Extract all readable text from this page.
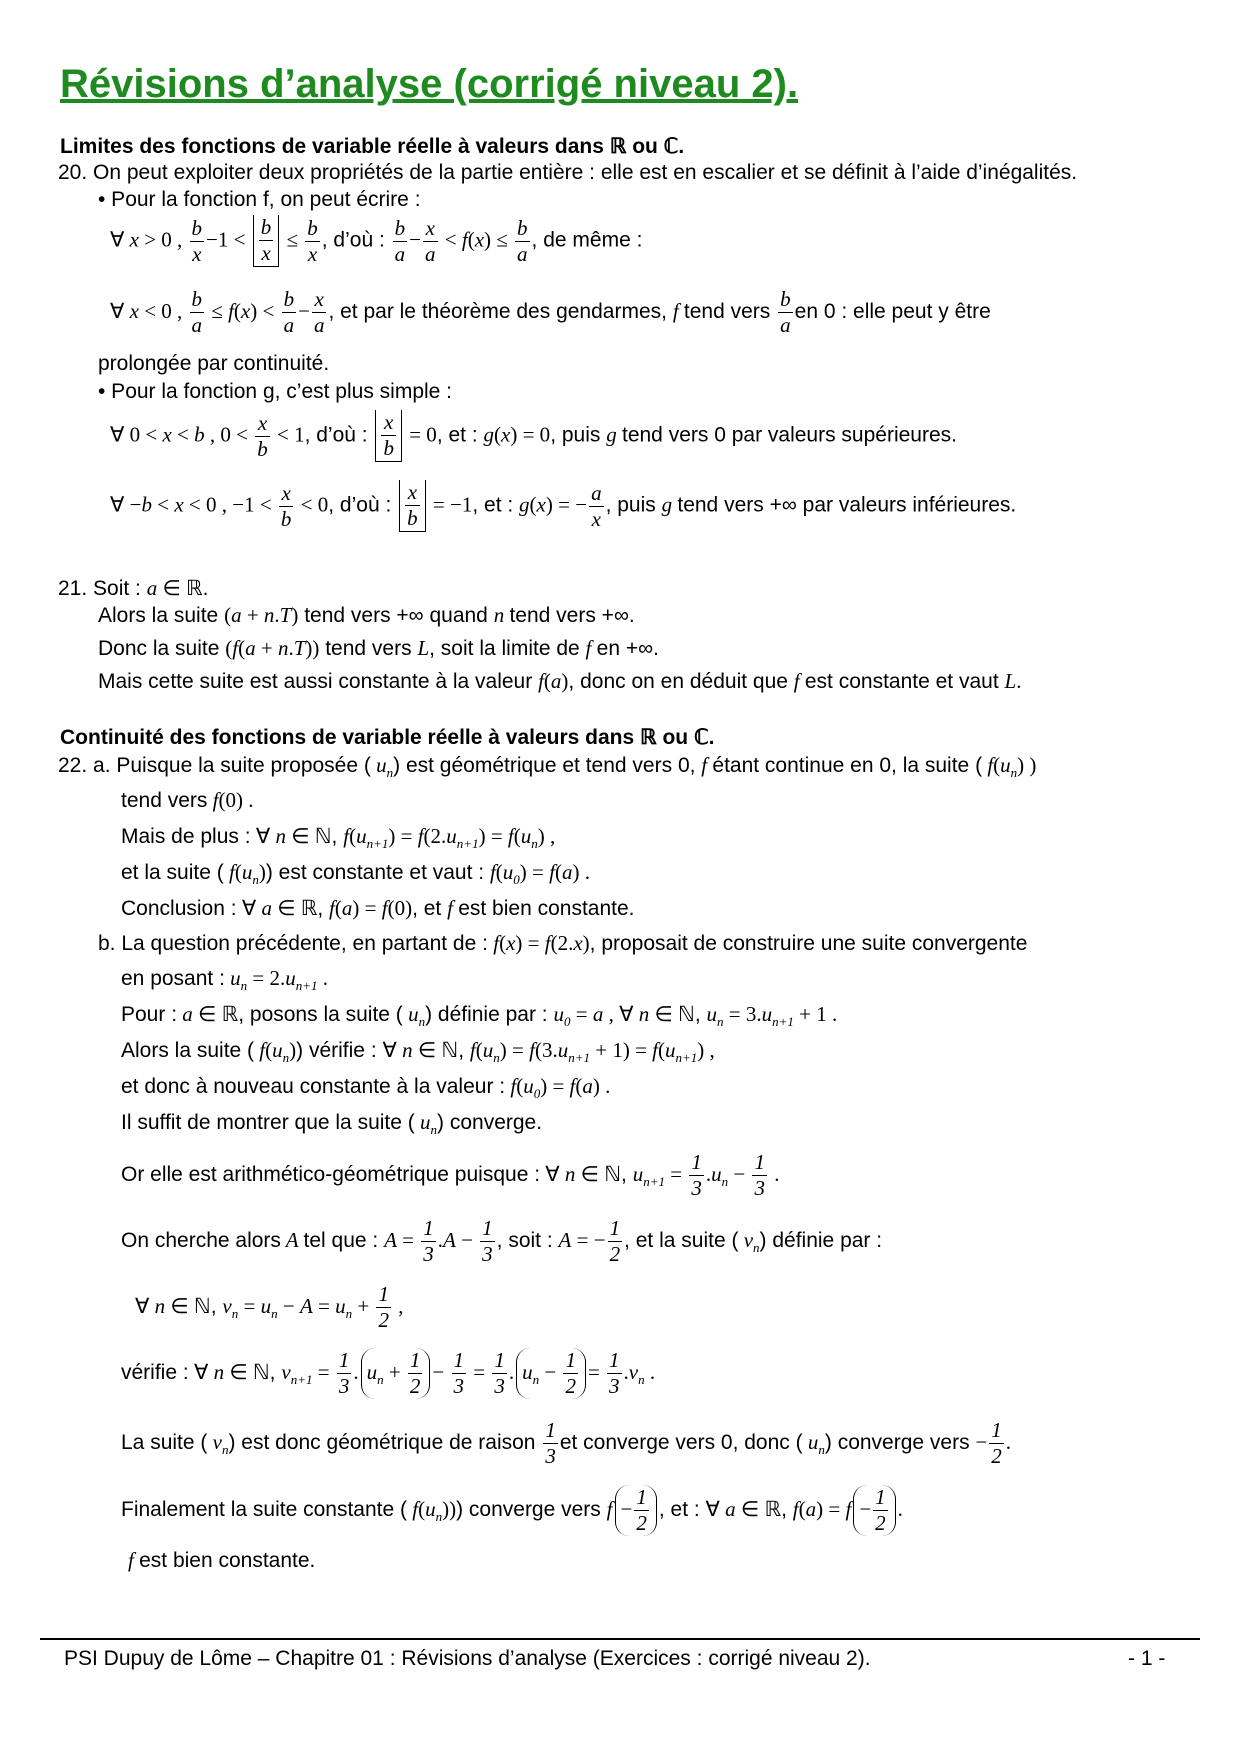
Révisions d’analyse (corrigé niveau 2).
Limites des fonctions de variable réelle à valeurs dans ℝ ou ℂ.
20. On peut exploiter deux propriétés de la partie entière : elle est en escalier et se définit à l’aide d’inégalités.
• Pour la fonction f, on peut écrire :
∀ x > 0 , $\frac{b}{x} -1 < \frac{b}{x} \le \frac{b}{x}$ , d’où : $\frac{b}{a} - \frac{x}{a} < f(x) \le \frac{b}{a}$ , de même :
∀ x < 0 , $\frac{b}{a} \le f(x) < \frac{b}{a} - \frac{x}{a}$ , et par le théorème des gendarmes, f tend vers $\frac{b}{a}$ en 0 : elle peut y être
prolongée par continuité.
• Pour la fonction g, c’est plus simple :
∀ 0 < x < b , $0 < \frac{x}{b} < 1$, d’où : $\frac{x}{b} = 0$, et : g(x) = 0, puis g tend vers 0 par valeurs supérieures.
∀ −b < x < 0 , $-1 < \frac{x}{b} < 0$, d’où : $\frac{x}{b} = -1$, et : g(x) = − $\frac{a}{x}$ , puis g tend vers +∞ par valeurs inférieures.
21. Soit : a ∈ ℝ.
Alors la suite (a + n.T) tend vers +∞ quand n tend vers +∞.
Donc la suite (f(a + n.T)) tend vers L, soit la limite de f en +∞.
Mais cette suite est aussi constante à la valeur f(a), donc on en déduit que f est constante et vaut L.
Continuité des fonctions de variable réelle à valeurs dans ℝ ou ℂ.
22. a. Puisque la suite proposée ( $u_n$) est géométrique et tend vers 0, f étant continue en 0, la suite ( $f(u_n)$ )
tend vers f(0) .
Mais de plus : ∀ n ∈ ℕ, $f(u_{n+1}) = f(2.u_{n+1}) = f(u_n)$ ,
et la suite ( $f(u_n)$) est constante et vaut : $f(u_0) = f(a)$ .
Conclusion : ∀ a ∈ ℝ, f(a) = f(0), et f est bien constante.
b. La question précédente, en partant de : f(x) = f(2.x), proposait de construire une suite convergente
en posant : $u_n = 2.u_{n+1}$ .
Pour : a ∈ ℝ, posons la suite ( $u_n$) définie par : $u_0 = a$ , ∀ n ∈ ℕ, $u_n = 3.u_{n+1} + 1$ .
Alors la suite ( $f(u_n)$) vérifie : ∀ n ∈ ℕ, $f(u_n) = f(3.u_{n+1} + 1) = f(u_{n+1})$ ,
et donc à nouveau constante à la valeur : $f(u_0) = f(a)$ .
Il suffit de montrer que la suite ( $u_n$) converge.
Or elle est arithmético-géométrique puisque : ∀ n ∈ ℕ, $u_{n+1} = \frac{1}{3} .u_n - \frac{1}{3}$ .
On cherche alors A tel que : $A = \frac{1}{3} .A - \frac{1}{3}$ , soit : A = − $\frac{1}{2}$ , et la suite ( $v_n$) définie par :
∀ n ∈ ℕ, $v_n = u_n - A = u_n + \frac{1}{2}$ ,
vérifie : ∀ n ∈ ℕ, $v_{n+1} = \frac{1}{3}$ . $u_n + \frac{1}{2} - \frac{1}{3} = \frac{1}{3}$ . $u_n - \frac{1}{2} = \frac{1}{3} .v_n$ .
La suite ( $v_n$) est donc géométrique de raison $\frac{1}{3}$ et converge vers 0, donc ( $u_n$) converge vers − $\frac{1}{2}$ .
Finalement la suite constante ( $f(u_n)$)) converge vers $f - \frac{1}{2}$ , et : ∀ a ∈ ℝ, $f(a) = f - \frac{1}{2}$ .
f est bien constante.
PSI Dupuy de Lôme – Chapitre 01 : Révisions d’analyse (Exercices : corrigé niveau 2).	- 1 -
